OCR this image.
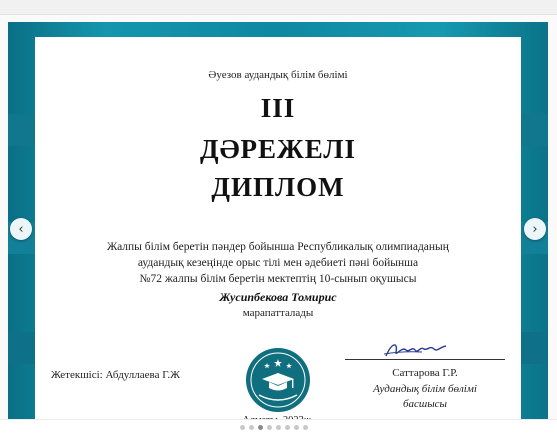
Әуезов аудандық білім бөлімі
III
ДӘРЕЖЕЛІ
ДИПЛОМ
Жалпы білім беретін пәндер бойынша Республикалық олимпиаданың
аудандық кезеңінде орыс тілі мен әдебиеті пәні бойынша
№72 жалпы білім беретін мектептің 10-сынып оқушысы
Жусипбекова Томирис
марапатталады
Жетекшісі: Абдуллаева Г.Ж	Саттарова Г.Р.
Аудандық білім бөлімі
басшысы
‹	›
